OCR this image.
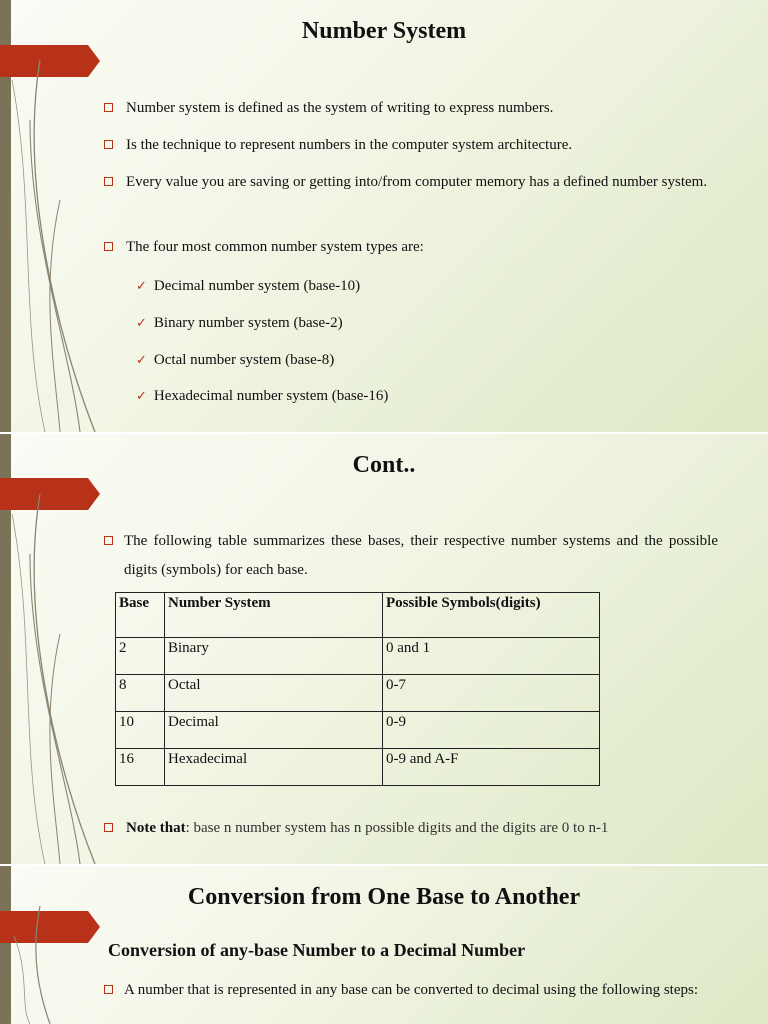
Number System
Number system is defined as the system of writing to express numbers.
Is the technique to represent numbers in the computer system architecture.
Every value you are saving or getting into/from computer memory has a defined number system.
The four most common number system types are:
✓ Decimal number system (base-10)
✓ Binary number system (base-2)
✓ Octal number system (base-8)
✓ Hexadecimal number system (base-16)
Cont..
The following table summarizes these bases, their respective number systems and the possible digits (symbols) for each base.
Base	Number System	Possible Symbols(digits)
2	Binary	0 and 1
8	Octal	0-7
10	Decimal	0-9
16	Hexadecimal	0-9 and A-F
Note that: base n number system has n possible digits and the digits are 0 to n-1
Conversion from One Base to Another
Conversion of any-base Number to a Decimal Number
A number that is represented in any base can be converted to decimal using the following steps:
